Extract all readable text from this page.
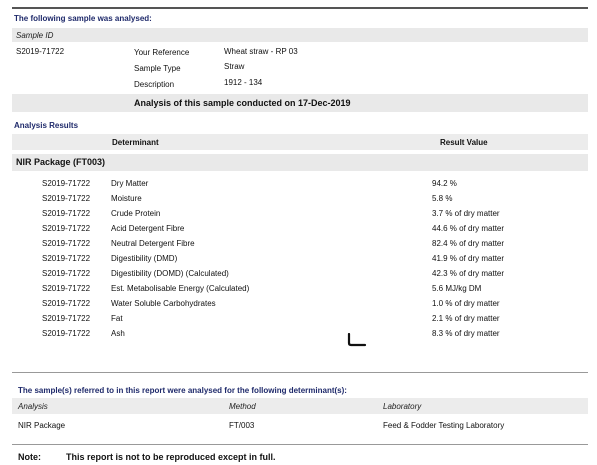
The following sample was analysed:
Sample ID
S2019-71722	Your Reference	Wheat straw - RP 03
Sample Type	Straw
Description	1912 - 134
Analysis of this sample conducted on 17-Dec-2019
Analysis Results
Determinant	Result Value
NIR Package (FT003)
S2019-71722	Dry Matter	94.2 %
S2019-71722	Moisture	5.8 %
S2019-71722	Crude Protein	3.7 % of dry matter
S2019-71722	Acid Detergent Fibre	44.6 % of dry matter
S2019-71722	Neutral Detergent Fibre	82.4 % of dry matter
S2019-71722	Digestibility (DMD)	41.9 % of dry matter
S2019-71722	Digestibility (DOMD) (Calculated)	42.3 % of dry matter
S2019-71722	Est. Metabolisable Energy (Calculated)	5.6 MJ/kg DM
S2019-71722	Water Soluble Carbohydrates	1.0 % of dry matter
S2019-71722	Fat	2.1 % of dry matter
S2019-71722	Ash	8.3 % of dry matter
The sample(s) referred to in this report were analysed for the following determinant(s):
Analysis	Method	Laboratory
NIR Package	FT/003	Feed & Fodder Testing Laboratory
Note:	This report is not to be reproduced except in full.
